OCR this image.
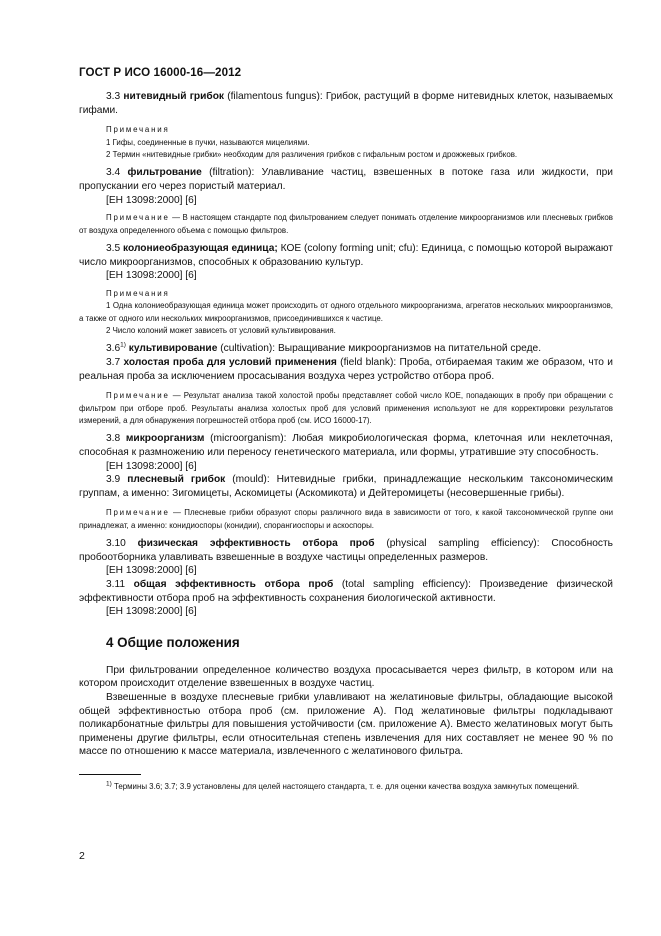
ГОСТ Р ИСО 16000-16—2012

3.3 нитевидный грибок (filamentous fungus): Грибок, растущий в форме нитевидных клеток, называемых гифами.

Примечания

1 Гифы, соединенные в пучки, называются мицелиями.

2 Термин «нитевидные грибки» необходим для различения грибков с гифальным ростом и дрожжевых грибков.

3.4 фильтрование (filtration): Улавливание частиц, взвешенных в потоке газа или жидкости, при пропускании его через пористый материал.

[ЕН 13098:2000] [6]

Примечание — В настоящем стандарте под фильтрованием следует понимать отделение микроорганизмов или плесневых грибков от воздуха определенного объема с помощью фильтров.

3.5 колониеобразующая единица; КОЕ (colony forming unit; cfu): Единица, с помощью которой выражают число микроорганизмов, способных к образованию культур.

[ЕН 13098:2000] [6]

Примечания

1 Одна колониеобразующая единица может происходить от одного отдельного микроорганизма, агрегатов нескольких микроорганизмов, а также от одного или нескольких микроорганизмов, присоединившихся к частице.

2 Число колоний может зависеть от условий культивирования.

3.6$^{1)}$ культивирование (cultivation): Выращивание микроорганизмов на питательной среде.

3.7 холостая проба для условий применения (field blank): Проба, отбираемая таким же образом, что и реальная проба за исключением просасывания воздуха через устройство отбора проб.

Примечание — Результат анализа такой холостой пробы представляет собой число КОЕ, попадающих в пробу при обращении с фильтром при отборе проб. Результаты анализа холостых проб для условий применения используют не для корректировки результатов измерений, а для обнаружения погрешностей отбора проб (см. ИСО 16000-17).

3.8 микроорганизм (microorganism): Любая микробиологическая форма, клеточная или неклеточная, способная к размножению или переносу генетического материала, или формы, утратившие эту способность.

[ЕН 13098:2000] [6]

3.9 плесневый грибок (mould): Нитевидные грибки, принадлежащие нескольким таксономическим группам, а именно: Зигомицеты, Аскомицеты (Аскомикота) и Дейтеромицеты (несовершенные грибы).

Примечание — Плесневые грибки образуют споры различного вида в зависимости от того, к какой таксономической группе они принадлежат, а именно: конидиоспоры (конидии), спорангиоспоры и аскоспоры.

3.10 физическая эффективность отбора проб (physical sampling efficiency): Способность пробоотборника улавливать взвешенные в воздухе частицы определенных размеров.

[ЕН 13098:2000] [6]

3.11 общая эффективность отбора проб (total sampling efficiency): Произведение физической эффективности отбора проб на эффективность сохранения биологической активности.

[ЕН 13098:2000] [6]

4 Общие положения

При фильтровании определенное количество воздуха просасывается через фильтр, в котором или на котором происходит отделение взвешенных в воздухе частиц.

Взвешенные в воздухе плесневые грибки улавливают на желатиновые фильтры, обладающие высокой общей эффективностью отбора проб (см. приложение А). Под желатиновые фильтры подкладывают поликарбонатные фильтры для повышения устойчивости (см. приложение А). Вместо желатиновых могут быть применены другие фильтры, если относительная степень извлечения для них составляет не менее 90 % по массе по отношению к массе материала, извлеченного с желатинового фильтра.

$^{1)}$ Термины 3.6; 3.7; 3.9 установлены для целей настоящего стандарта, т. е. для оценки качества воздуха замкнутых помещений.

2
